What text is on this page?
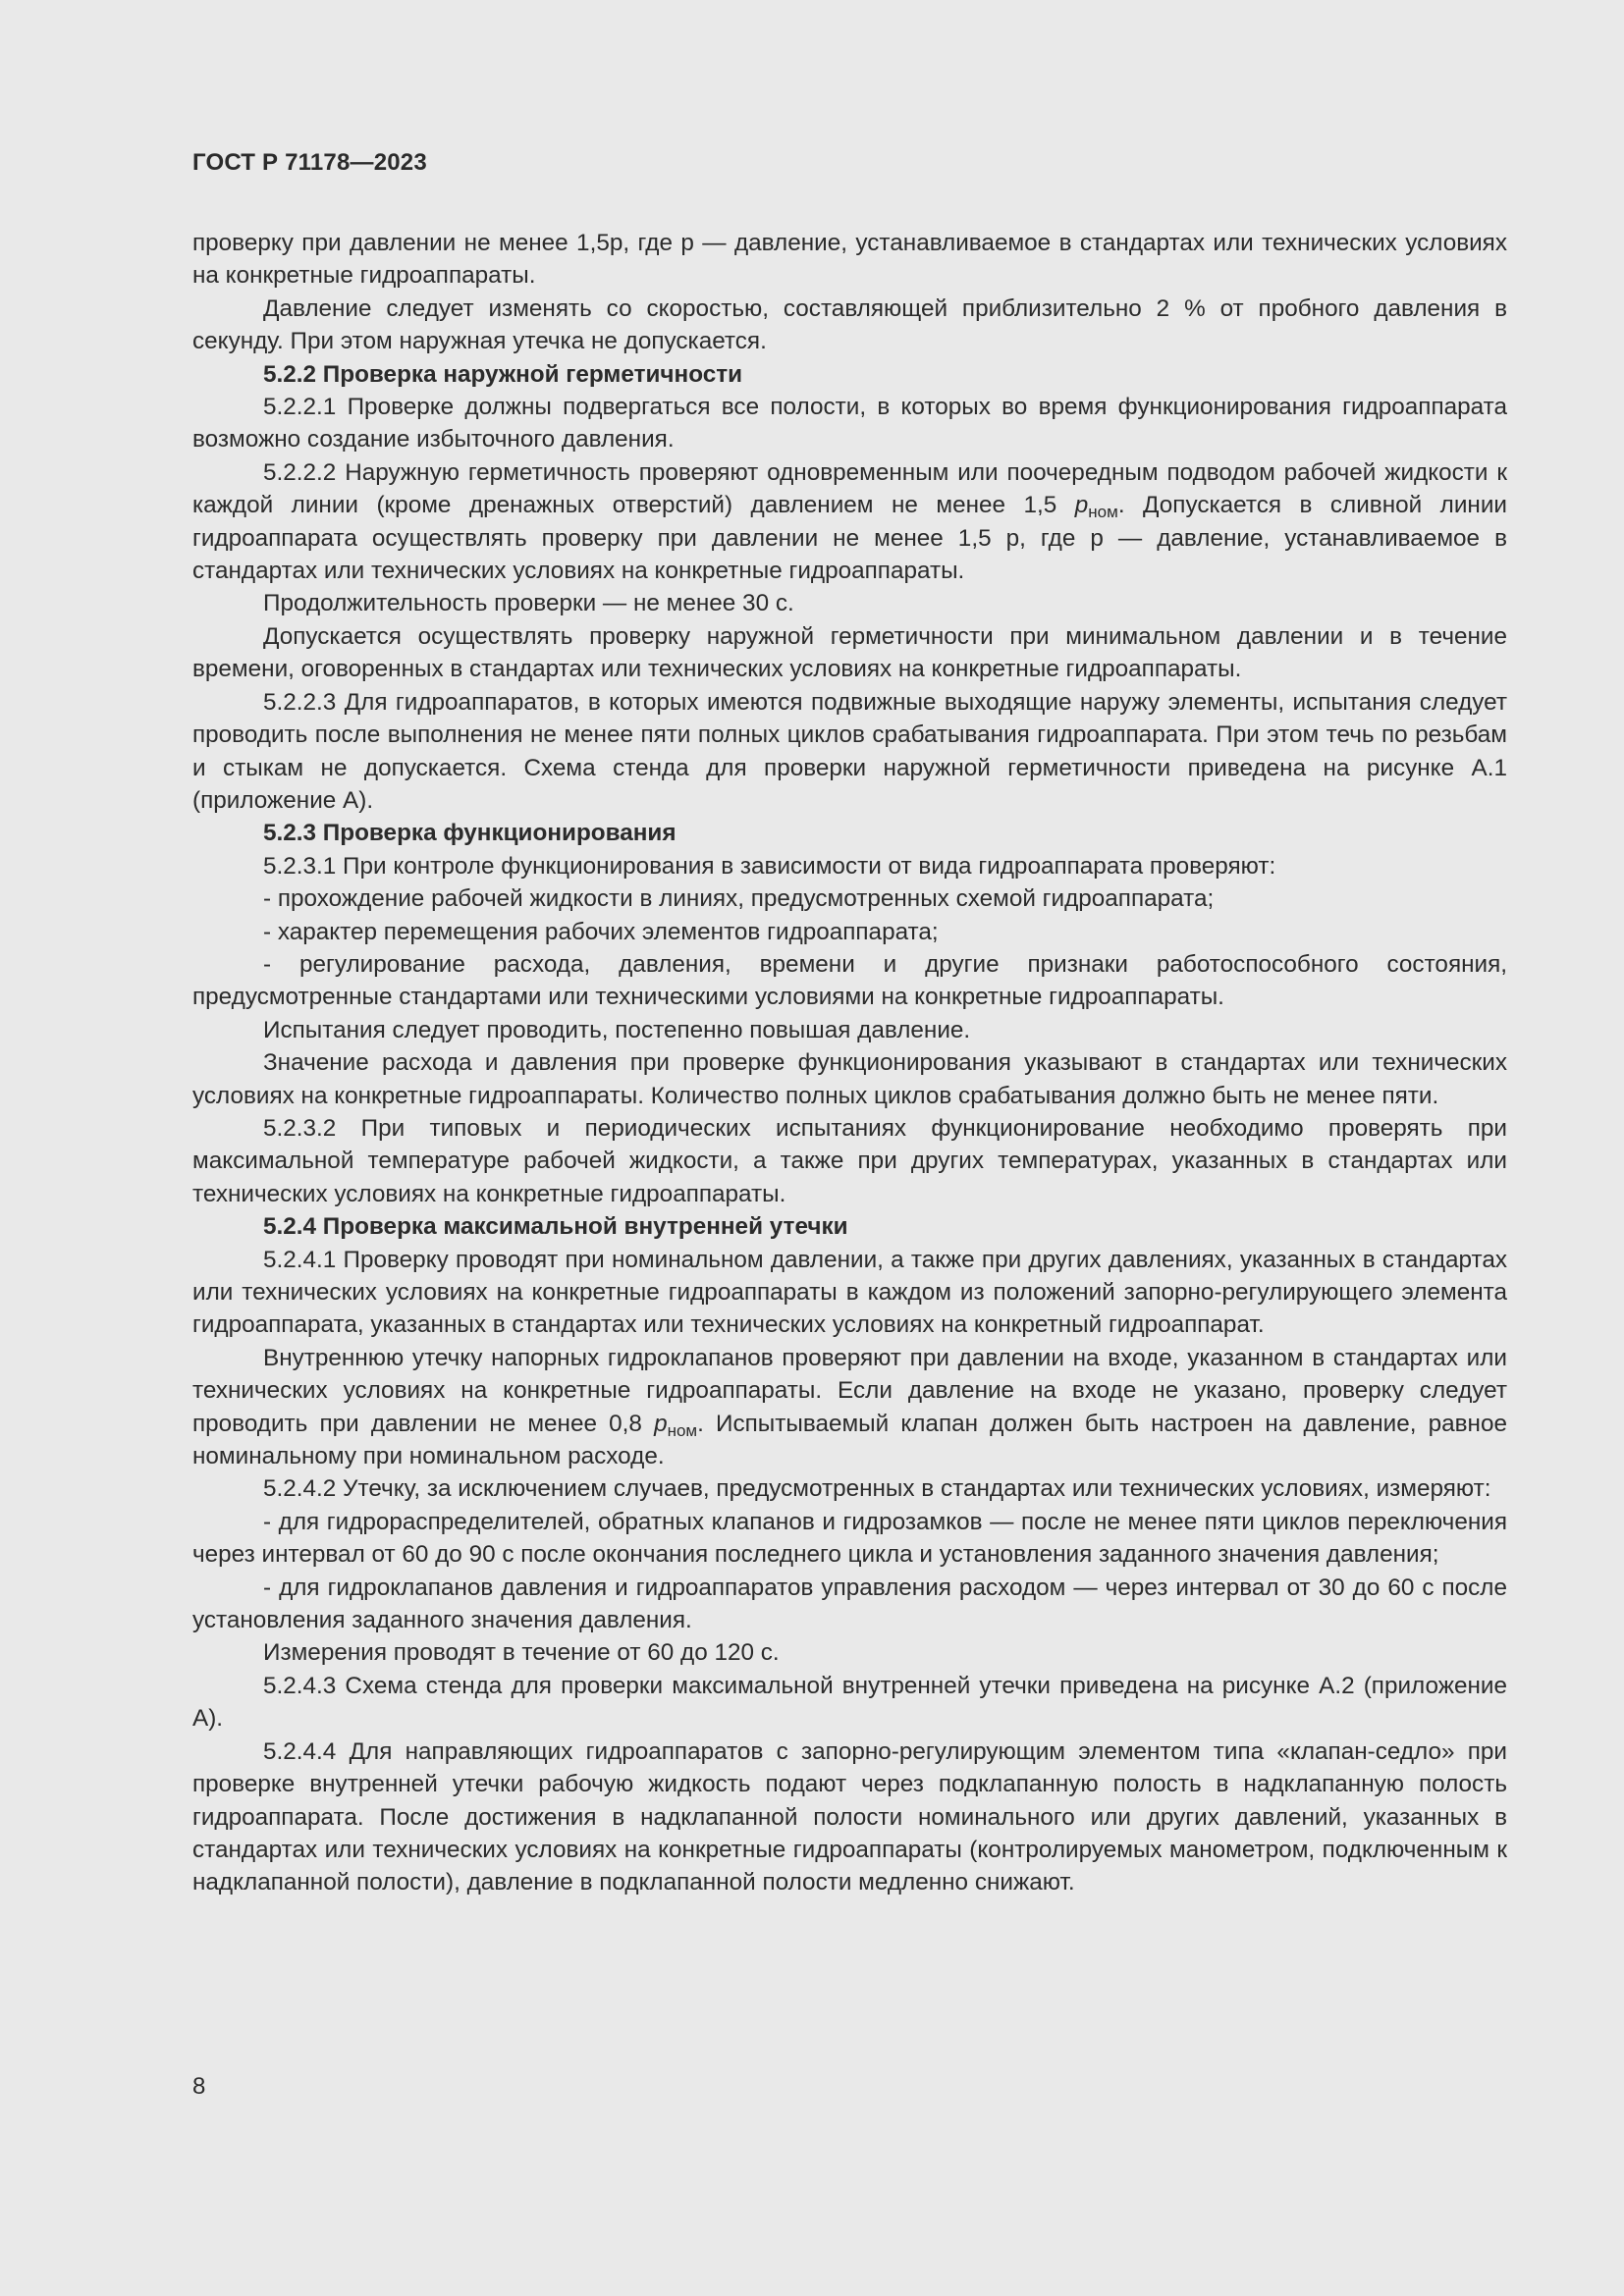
ГОСТ Р 71178—2023

проверку при давлении не менее 1,5p, где p — давление, устанавливаемое в стандартах или технических условиях на конкретные гидроаппараты.

Давление следует изменять со скоростью, составляющей приблизительно 2 % от пробного давления в секунду. При этом наружная утечка не допускается.

5.2.2 Проверка наружной герметичности

5.2.2.1 Проверке должны подвергаться все полости, в которых во время функционирования гидроаппарата возможно создание избыточного давления.

5.2.2.2 Наружную герметичность проверяют одновременным или поочередным подводом рабочей жидкости к каждой линии (кроме дренажных отверстий) давлением не менее 1,5 $p_{ном}$. Допускается в сливной линии гидроаппарата осуществлять проверку при давлении не менее 1,5 p, где p — давление, устанавливаемое в стандартах или технических условиях на конкретные гидроаппараты.

Продолжительность проверки — не менее 30 с.

Допускается осуществлять проверку наружной герметичности при минимальном давлении и в течение времени, оговоренных в стандартах или технических условиях на конкретные гидроаппараты.

5.2.2.3 Для гидроаппаратов, в которых имеются подвижные выходящие наружу элементы, испытания следует проводить после выполнения не менее пяти полных циклов срабатывания гидроаппарата. При этом течь по резьбам и стыкам не допускается. Схема стенда для проверки наружной герметичности приведена на рисунке А.1 (приложение А).

5.2.3 Проверка функционирования

5.2.3.1 При контроле функционирования в зависимости от вида гидроаппарата проверяют:

- прохождение рабочей жидкости в линиях, предусмотренных схемой гидроаппарата;

- характер перемещения рабочих элементов гидроаппарата;

- регулирование расхода, давления, времени и другие признаки работоспособного состояния, предусмотренные стандартами или техническими условиями на конкретные гидроаппараты.

Испытания следует проводить, постепенно повышая давление.

Значение расхода и давления при проверке функционирования указывают в стандартах или технических условиях на конкретные гидроаппараты. Количество полных циклов срабатывания должно быть не менее пяти.

5.2.3.2 При типовых и периодических испытаниях функционирование необходимо проверять при максимальной температуре рабочей жидкости, а также при других температурах, указанных в стандартах или технических условиях на конкретные гидроаппараты.

5.2.4 Проверка максимальной внутренней утечки

5.2.4.1 Проверку проводят при номинальном давлении, а также при других давлениях, указанных в стандартах или технических условиях на конкретные гидроаппараты в каждом из положений запорно-регулирующего элемента гидроаппарата, указанных в стандартах или технических условиях на конкретный гидроаппарат.

Внутреннюю утечку напорных гидроклапанов проверяют при давлении на входе, указанном в стандартах или технических условиях на конкретные гидроаппараты. Если давление на входе не указано, проверку следует проводить при давлении не менее 0,8 $p_{ном}$. Испытываемый клапан должен быть настроен на давление, равное номинальному при номинальном расходе.

5.2.4.2 Утечку, за исключением случаев, предусмотренных в стандартах или технических условиях, измеряют:

- для гидрораспределителей, обратных клапанов и гидрозамков — после не менее пяти циклов переключения через интервал от 60 до 90 с после окончания последнего цикла и установления заданного значения давления;

- для гидроклапанов давления и гидроаппаратов управления расходом — через интервал от 30 до 60 с после установления заданного значения давления.

Измерения проводят в течение от 60 до 120 с.

5.2.4.3 Схема стенда для проверки максимальной внутренней утечки приведена на рисунке А.2 (приложение А).

5.2.4.4 Для направляющих гидроаппаратов с запорно-регулирующим элементом типа «клапан-седло» при проверке внутренней утечки рабочую жидкость подают через подклапанную полость в надклапанную полость гидроаппарата. После достижения в надклапанной полости номинального или других давлений, указанных в стандартах или технических условиях на конкретные гидроаппараты (контролируемых манометром, подключенным к надклапанной полости), давление в подклапанной полости медленно снижают.

8
